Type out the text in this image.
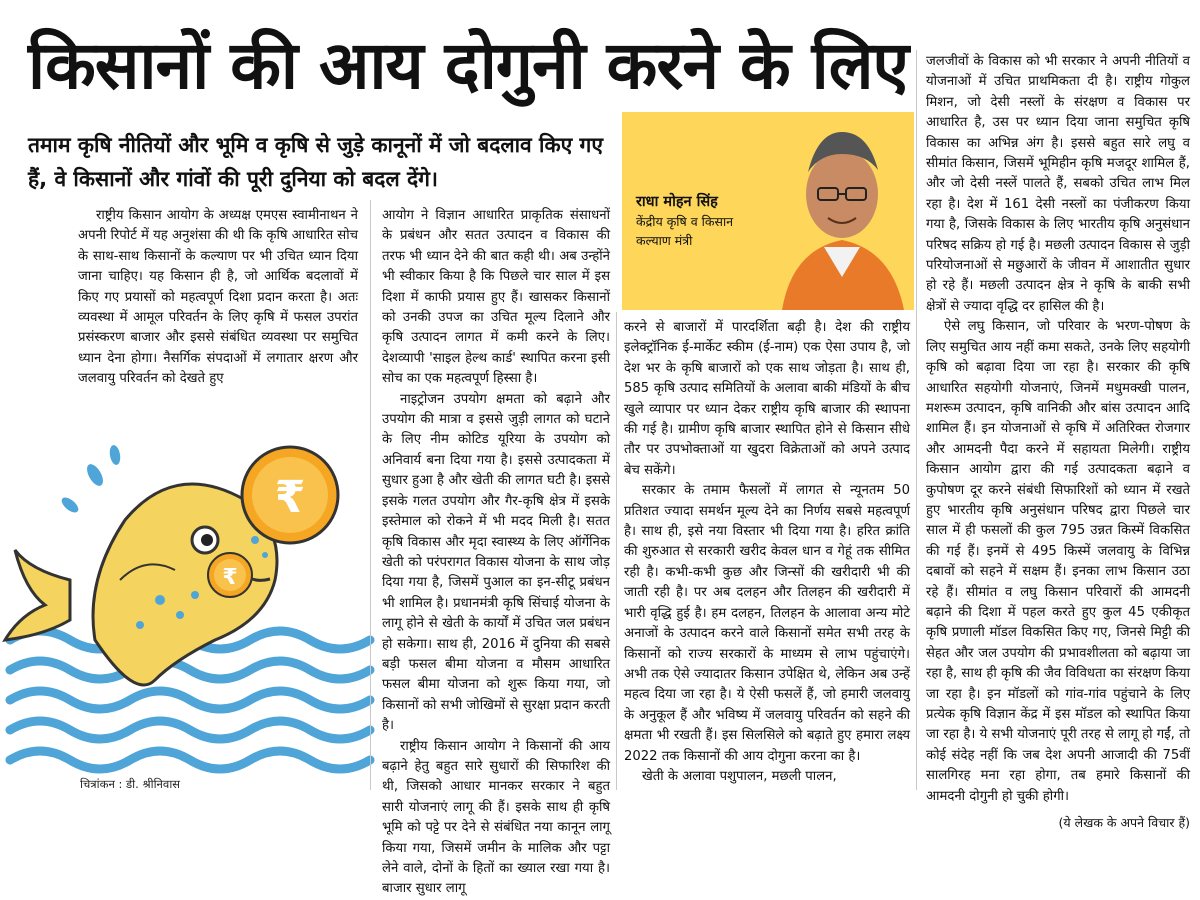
किसानों की आय दोगुनी करने के लिए
तमाम कृषि नीतियों और भूमि व कृषि से जुड़े कानूनों में जो बदलाव किए गए हैं, वे किसानों और गांवों की पूरी दुनिया को बदल देंगे।

राष्ट्रीय किसान आयोग के अध्यक्ष एमएस स्वामीनाथन ने अपनी रिपोर्ट में यह अनुशंसा की थी कि कृषि आधारित सोच के साथ-साथ किसानों के कल्याण पर भी उचित ध्यान दिया जाना चाहिए। यह किसान ही है, जो आर्थिक बदलावों में किए गए प्रयासों को महत्वपूर्ण दिशा प्रदान करता है। अतः व्यवस्था में आमूल परिवर्तन के लिए कृषि में फसल उपरांत प्रसंस्करण बाजार और इससे संबंधित व्यवस्था पर समुचित ध्यान देना होगा। नैसर्गिक संपदाओं में लगातार क्षरण और जलवायु परिवर्तन को देखते हुए

₹
₹
चित्रांकन : डी. श्रीनिवास

आयोग ने विज्ञान आधारित प्राकृतिक संसाधनों के प्रबंधन और सतत उत्पादन व विकास की तरफ भी ध्यान देने की बात कही थी। अब उन्होंने भी स्वीकार किया है कि पिछले चार साल में इस दिशा में काफी प्रयास हुए हैं। खासकर किसानों को उनकी उपज का उचित मूल्य दिलाने और कृषि उत्पादन लागत में कमी करने के लिए। देशव्यापी 'साइल हेल्थ कार्ड' स्थापित करना इसी सोच का एक महत्वपूर्ण हिस्सा है।

नाइट्रोजन उपयोग क्षमता को बढ़ाने और उपयोग की मात्रा व इससे जुड़ी लागत को घटाने के लिए नीम कोटिड यूरिया के उपयोग को अनिवार्य बना दिया गया है। इससे उत्पादकता में सुधार हुआ है और खेती की लागत घटी है। इससे इसके गलत उपयोग और गैर-कृषि क्षेत्र में इसके इस्तेमाल को रोकने में भी मदद मिली है। सतत कृषि विकास और मृदा स्वास्थ्य के लिए ऑर्गेनिक खेती को परंपरागत विकास योजना के साथ जोड़ दिया गया है, जिसमें पुआल का इन-सीटू प्रबंधन भी शामिल है। प्रधानमंत्री कृषि सिंचाई योजना के लागू होने से खेती के कार्यों में उचित जल प्रबंधन हो सकेगा। साथ ही, 2016 में दुनिया की सबसे बड़ी फसल बीमा योजना व मौसम आधारित फसल बीमा योजना को शुरू किया गया, जो किसानों को सभी जोखिमों से सुरक्षा प्रदान करती है।

राष्ट्रीय किसान आयोग ने किसानों की आय बढ़ाने हेतु बहुत सारे सुधारों की सिफारिश की थी, जिसको आधार मानकर सरकार ने बहुत सारी योजनाएं लागू की हैं। इसके साथ ही कृषि भूमि को पट्टे पर देने से संबंधित नया कानून लागू किया गया, जिसमें जमीन के मालिक और पट्टा लेने वाले, दोनों के हितों का ख्याल रखा गया है। बाजार सुधार लागू

राधा मोहन सिंह
केंद्रीय कृषि व किसान
कल्याण मंत्री

करने से बाजारों में पारदर्शिता बढ़ी है। देश की राष्ट्रीय इलेक्ट्रॉनिक ई-मार्केट स्कीम (ई-नाम) एक ऐसा उपाय है, जो देश भर के कृषि बाजारों को एक साथ जोड़ता है। साथ ही, 585 कृषि उत्पाद समितियों के अलावा बाकी मंडियों के बीच खुले व्यापार पर ध्यान देकर राष्ट्रीय कृषि बाजार की स्थापना की गई है। ग्रामीण कृषि बाजार स्थापित होने से किसान सीधे तौर पर उपभोक्ताओं या खुदरा विक्रेताओं को अपने उत्पाद बेच सकेंगे।

सरकार के तमाम फैसलों में लागत से न्यूनतम 50 प्रतिशत ज्यादा समर्थन मूल्य देने का निर्णय सबसे महत्वपूर्ण है। साथ ही, इसे नया विस्तार भी दिया गया है। हरित क्रांति की शुरुआत से सरकारी खरीद केवल धान व गेहूं तक सीमित रही है। कभी-कभी कुछ और जिन्सों की खरीदारी भी की जाती रही है। पर अब दलहन और तिलहन की खरीदारी में भारी वृद्धि हुई है। हम दलहन, तिलहन के आलावा अन्य मोटे अनाजों के उत्पादन करने वाले किसानों समेत सभी तरह के किसानों को राज्य सरकारों के माध्यम से लाभ पहुंचाएंगे। अभी तक ऐसे ज्यादातर किसान उपेक्षित थे, लेकिन अब उन्हें महत्व दिया जा रहा है। ये ऐसी फसलें हैं, जो हमारी जलवायु के अनुकूल हैं और भविष्य में जलवायु परिवर्तन को सहने की क्षमता भी रखती हैं। इस सिलसिले को बढ़ाते हुए हमारा लक्ष्य 2022 तक किसानों की आय दोगुना करना का है।

खेती के अलावा पशुपालन, मछली पालन,

जलजीवों के विकास को भी सरकार ने अपनी नीतियों व योजनाओं में उचित प्राथमिकता दी है। राष्ट्रीय गोकुल मिशन, जो देसी नस्लों के संरक्षण व विकास पर आधारित है, उस पर ध्यान दिया जाना समुचित कृषि विकास का अभिन्न अंग है। इससे बहुत सारे लघु व सीमांत किसान, जिसमें भूमिहीन कृषि मजदूर शामिल हैं, और जो देसी नस्लें पालते हैं, सबको उचित लाभ मिल रहा है। देश में 161 देसी नस्लों का पंजीकरण किया गया है, जिसके विकास के लिए भारतीय कृषि अनुसंधान परिषद सक्रिय हो गई है। मछली उत्पादन विकास से जुड़ी परियोजनाओं से मछुआरों के जीवन में आशातीत सुधार हो रहे हैं। मछली उत्पादन क्षेत्र ने कृषि के बाकी सभी क्षेत्रों से ज्यादा वृद्धि दर हासिल की है।

ऐसे लघु किसान, जो परिवार के भरण-पोषण के लिए समुचित आय नहीं कमा सकते, उनके लिए सहयोगी कृषि को बढ़ावा दिया जा रहा है। सरकार की कृषि आधारित सहयोगी योजनाएं, जिनमें मधुमक्खी पालन, मशरूम उत्पादन, कृषि वानिकी और बांस उत्पादन आदि शामिल हैं। इन योजनाओं से कृषि में अतिरिक्त रोजगार और आमदनी पैदा करने में सहायता मिलेगी। राष्ट्रीय किसान आयोग द्वारा की गई उत्पादकता बढ़ाने व कुपोषण दूर करने संबंधी सिफारिशों को ध्यान में रखते हुए भारतीय कृषि अनुसंधान परिषद द्वारा पिछले चार साल में ही फसलों की कुल 795 उन्नत किस्में विकसित की गई हैं। इनमें से 495 किस्में जलवायु के विभिन्न दबावों को सहने में सक्षम हैं। इनका लाभ किसान उठा रहे हैं। सीमांत व लघु किसान परिवारों की आमदनी बढ़ाने की दिशा में पहल करते हुए कुल 45 एकीकृत कृषि प्रणाली मॉडल विकसित किए गए, जिनसे मिट्टी की सेहत और जल उपयोग की प्रभावशीलता को बढ़ाया जा रहा है, साथ ही कृषि की जैव विविधता का संरक्षण किया जा रहा है। इन मॉडलों को गांव-गांव पहुंचाने के लिए प्रत्येक कृषि विज्ञान केंद्र में इस मॉडल को स्थापित किया जा रहा है। ये सभी योजनाएं पूरी तरह से लागू हो गईं, तो कोई संदेह नहीं कि जब देश अपनी आजादी की 75वीं सालगिरह मना रहा होगा, तब हमारे किसानों की आमदनी दोगुनी हो चुकी होगी।

(ये लेखक के अपने विचार हैं)
